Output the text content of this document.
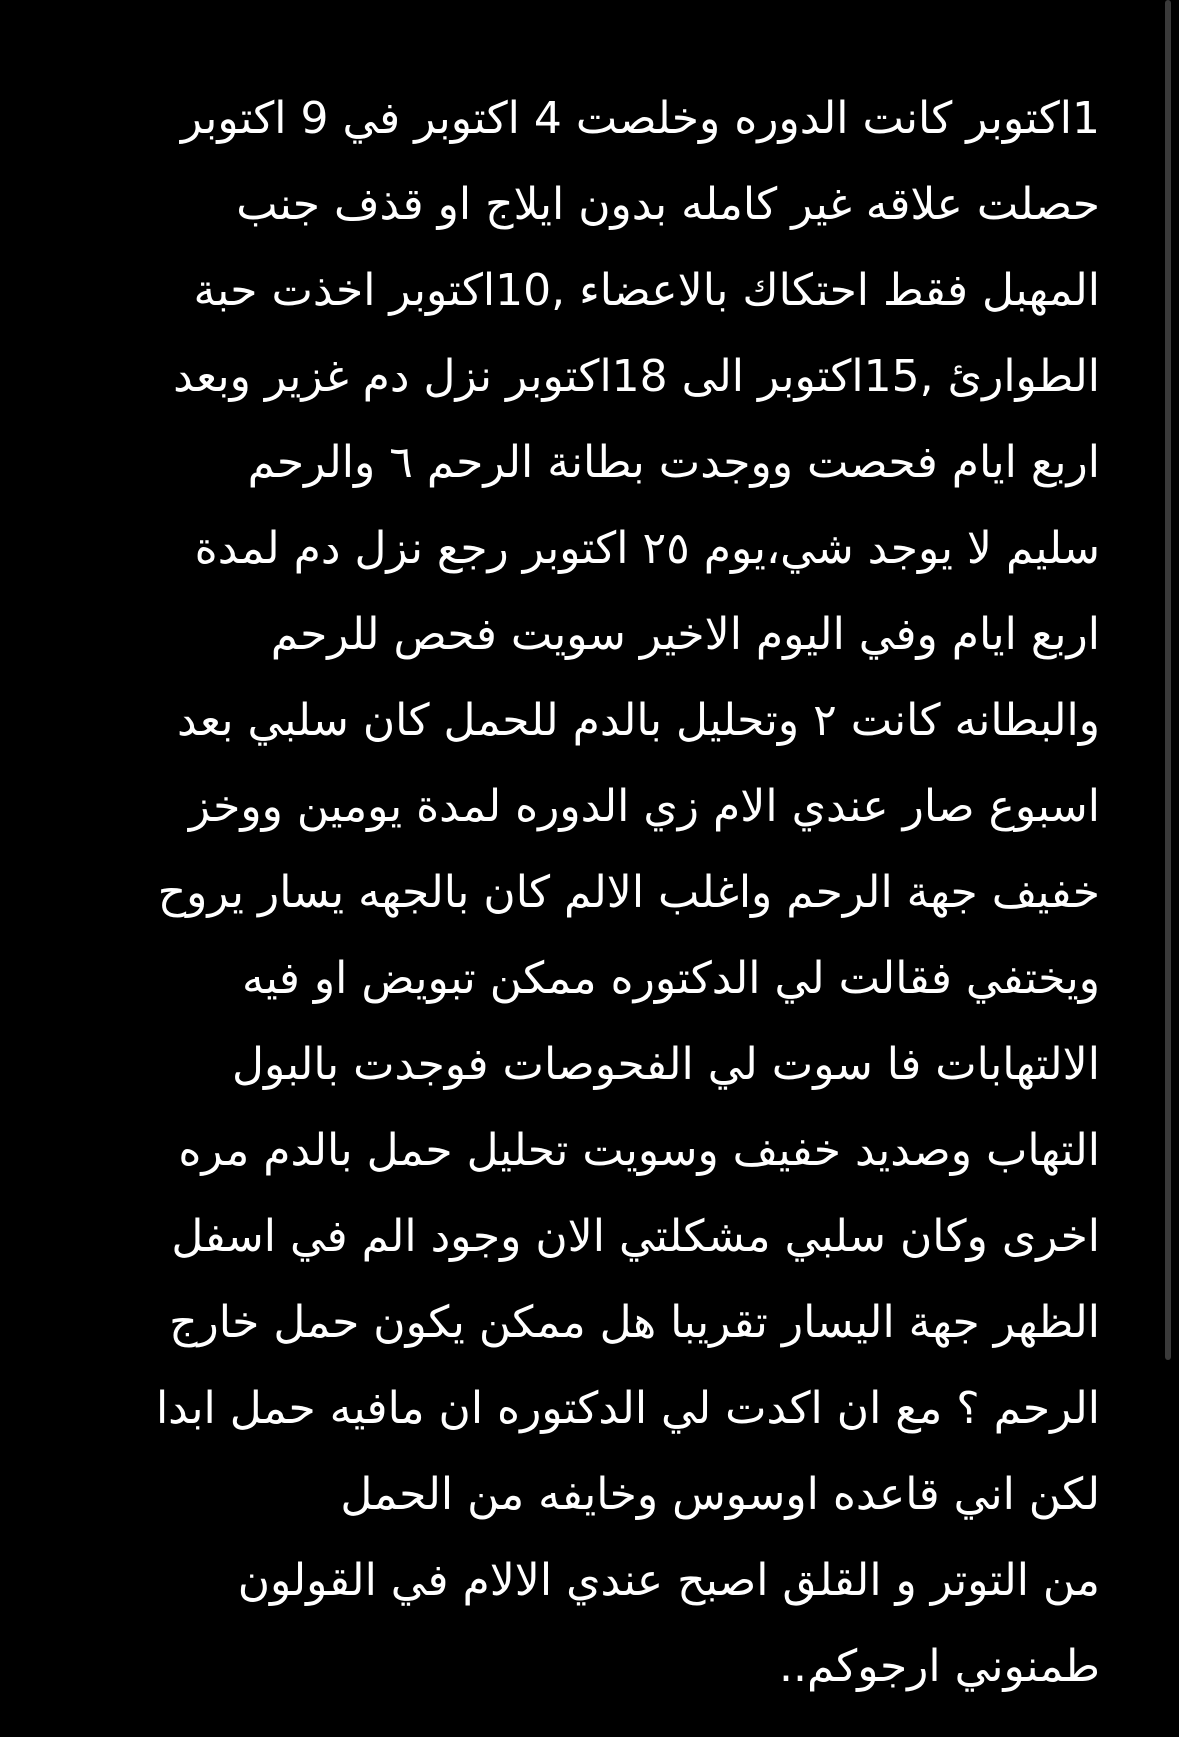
1اكتوبر كانت الدوره وخلصت 4 اكتوبر في 9 اكتوبر
حصلت علاقه غير كامله بدون ايلاج او قذف جنب
المهبل فقط احتكاك بالاعضاء ,10اكتوبر اخذت حبة
الطوارئ ,15اكتوبر الى 18اكتوبر نزل دم غزير وبعد
اربع ايام فحصت ووجدت بطانة الرحم ٦ والرحم
سليم لا يوجد شي،يوم ٢٥ اكتوبر رجع نزل دم لمدة
اربع ايام وفي اليوم الاخير سويت فحص للرحم
والبطانه كانت ٢ وتحليل بالدم للحمل كان سلبي بعد
اسبوع صار عندي الام زي الدوره لمدة يومين ووخز
خفيف جهة الرحم واغلب الالم كان بالجهه يسار يروح
ويختفي فقالت لي الدكتوره ممكن تبويض او فيه
الالتهابات فا سوت لي الفحوصات فوجدت بالبول
التهاب وصديد خفيف وسويت تحليل حمل بالدم مره
اخرى وكان سلبي مشكلتي الان وجود الم في اسفل
الظهر جهة اليسار تقريبا هل ممكن يكون حمل خارج
الرحم ؟ مع ان اكدت لي الدكتوره ان مافيه حمل ابدا
لكن اني قاعده اوسوس وخايفه من الحمل
من التوتر و القلق اصبح عندي الالام في القولون
طمنوني ارجوكم..
